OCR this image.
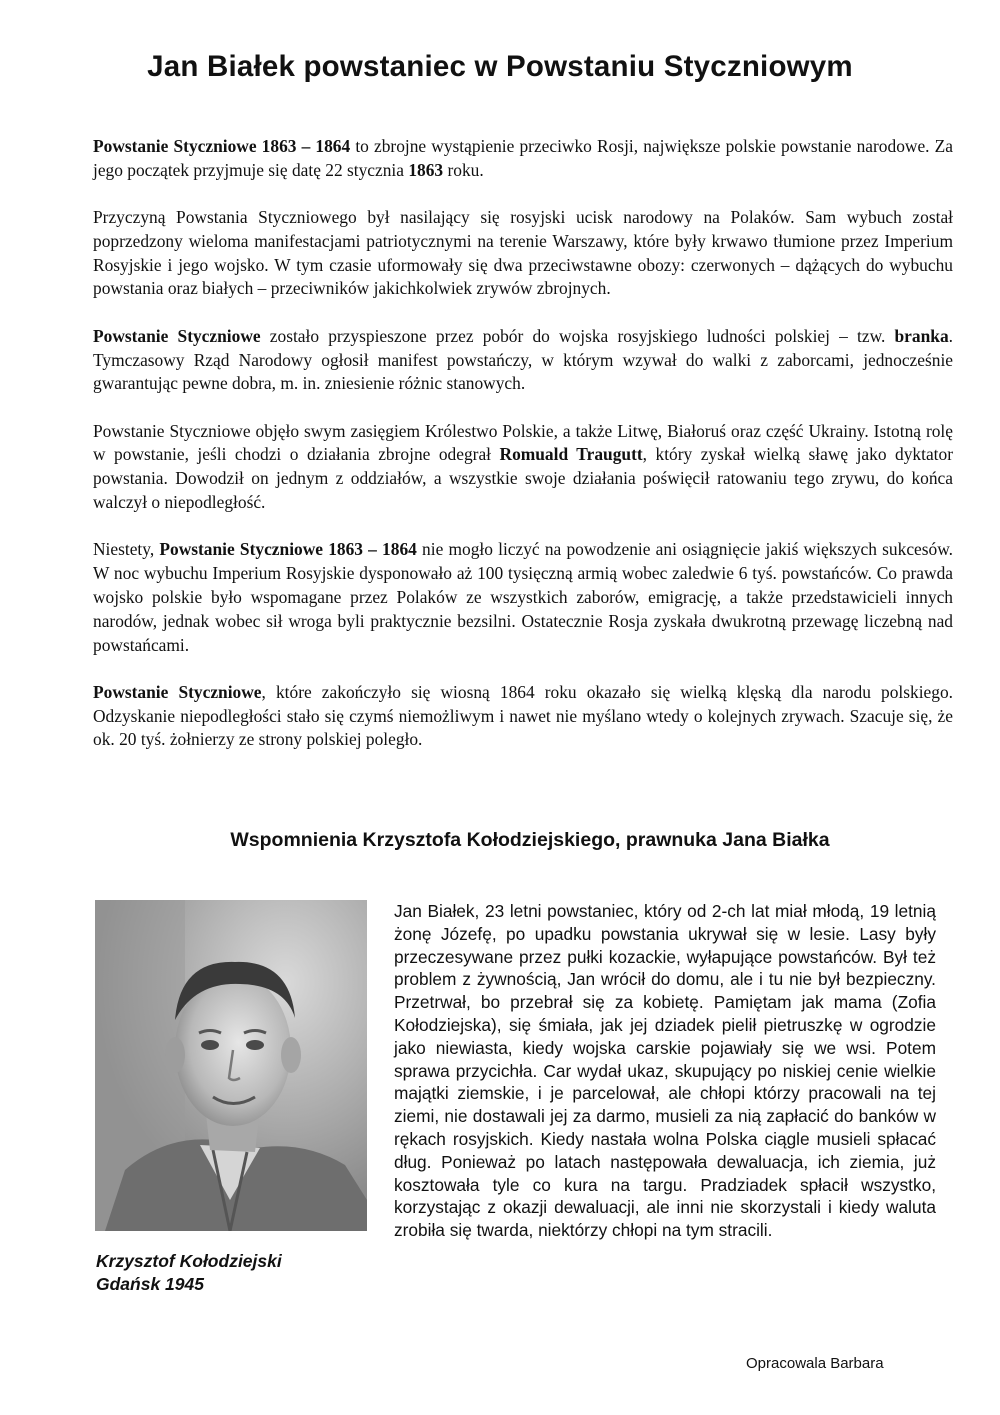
Jan Białek powstaniec w Powstaniu Styczniowym

Powstanie Styczniowe 1863 – 1864 to zbrojne wystąpienie przeciwko Rosji, największe polskie powstanie narodowe. Za jego początek przyjmuje się datę 22 stycznia 1863 roku.

Przyczyną Powstania Styczniowego był nasilający się rosyjski ucisk narodowy na Polaków. Sam wybuch został poprzedzony wieloma manifestacjami patriotycznymi na terenie Warszawy, które były krwawo tłumione przez Imperium Rosyjskie i jego wojsko. W tym czasie uformowały się dwa przeciwstawne obozy: czerwonych – dążących do wybuchu powstania oraz białych – przeciwników jakichkolwiek zrywów zbrojnych.

Powstanie Styczniowe zostało przyspieszone przez pobór do wojska rosyjskiego ludności polskiej – tzw. branka. Tymczasowy Rząd Narodowy ogłosił manifest powstańczy, w którym wzywał do walki z zaborcami, jednocześnie gwarantując pewne dobra, m. in. zniesienie różnic stanowych.

Powstanie Styczniowe objęło swym zasięgiem Królestwo Polskie, a także Litwę, Białoruś oraz część Ukrainy. Istotną rolę w powstanie, jeśli chodzi o działania zbrojne odegrał Romuald Traugutt, który zyskał wielką sławę jako dyktator powstania. Dowodził on jednym z oddziałów, a wszystkie swoje działania poświęcił ratowaniu tego zrywu, do końca walczył o niepodległość.

Niestety, Powstanie Styczniowe 1863 – 1864 nie mogło liczyć na powodzenie ani osiągnięcie jakiś większych sukcesów. W noc wybuchu Imperium Rosyjskie dysponowało aż 100 tysięczną armią wobec zaledwie 6 tyś. powstańców. Co prawda wojsko polskie było wspomagane przez Polaków ze wszystkich zaborów, emigrację, a także przedstawicieli innych narodów, jednak wobec sił wroga byli praktycznie bezsilni. Ostatecznie Rosja zyskała dwukrotną przewagę liczebną nad powstańcami.

Powstanie Styczniowe, które zakończyło się wiosną 1864 roku okazało się wielką klęską dla narodu polskiego. Odzyskanie niepodległości stało się czymś niemożliwym i nawet nie myślano wtedy o kolejnych zrywach. Szacuje się, że ok. 20 tyś. żołnierzy ze strony polskiej poległo.

Wspomnienia Krzysztofa Kołodziejskiego, prawnuka Jana Białka

Krzysztof Kołodziejski
Gdańsk 1945

Jan Białek, 23 letni powstaniec, który od 2-ch lat miał młodą, 19 letnią żonę Józefę, po upadku powstania ukrywał się w lesie. Lasy były przeczesywane przez pułki kozackie, wyłapujące powstańców. Był też problem z żywnością, Jan wrócił do domu, ale i tu nie był bezpieczny. Przetrwał, bo przebrał się za kobietę. Pamiętam jak mama (Zofia Kołodziejska), się śmiała, jak jej dziadek pielił pietruszkę w ogrodzie jako niewiasta, kiedy wojska carskie pojawiały się we wsi. Potem sprawa przycichła. Car wydał ukaz, skupujący po niskiej cenie wielkie majątki ziemskie, i je parcelował, ale chłopi którzy pracowali na tej ziemi, nie dostawali jej za darmo, musieli za nią zapłacić do banków w rękach rosyjskich. Kiedy nastała wolna Polska ciągle musieli spłacać dług. Ponieważ po latach następowała dewaluacja, ich ziemia, już kosztowała tyle co kura na targu. Pradziadek spłacił wszystko, korzystając z okazji dewaluacji, ale inni nie skorzystali i kiedy waluta zrobiła się twarda, niektórzy chłopi na tym stracili.

Opracowala Barbara
